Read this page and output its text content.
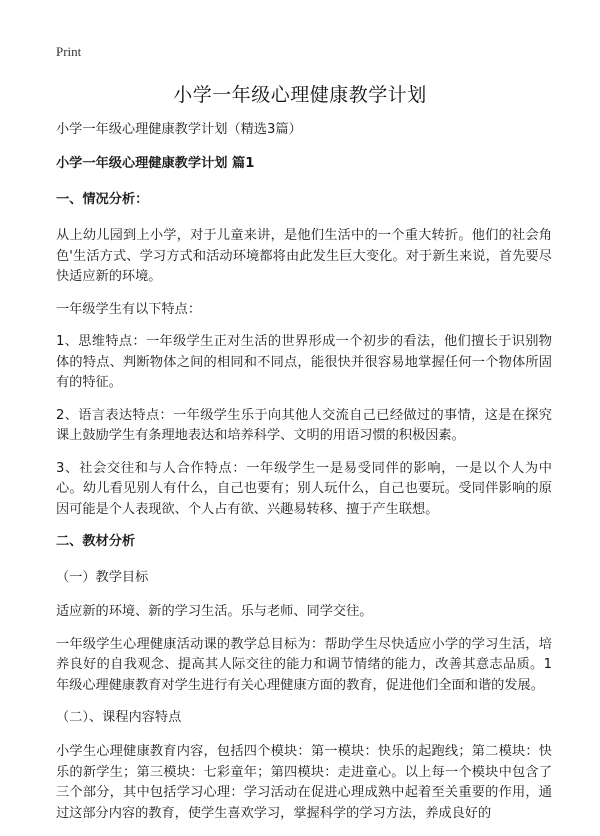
Print
小学一年级心理健康教学计划
小学一年级心理健康教学计划（精选3篇）
小学一年级心理健康教学计划 篇1
一、情况分析：
从上幼儿园到上小学，对于儿童来讲，是他们生活中的一个重大转折。他们的社会角色'生活方式、学习方式和活动环境都将由此发生巨大变化。对于新生来说，首先要尽快适应新的环境。
一年级学生有以下特点：
1、思维特点：一年级学生正对生活的世界形成一个初步的看法，他们擅长于识别物体的特点、判断物体之间的相同和不同点，能很快并很容易地掌握任何一个物体所固有的特征。
2、语言表达特点：一年级学生乐于向其他人交流自己已经做过的事情，这是在探究课上鼓励学生有条理地表达和培养科学、文明的用语习惯的积极因素。
3、社会交往和与人合作特点：一年级学生一是易受同伴的影响，一是以个人为中心。幼儿看见别人有什么，自己也要有；别人玩什么，自己也要玩。受同伴影响的原因可能是个人表现欲、个人占有欲、兴趣易转移、擅于产生联想。
二、教材分析
（一）教学目标
适应新的环境、新的学习生活。乐与老师、同学交往。
一年级学生心理健康活动课的教学总目标为：帮助学生尽快适应小学的学习生活，培养良好的自我观念、提高其人际交往的能力和调节情绪的能力，改善其意志品质。1年级心理健康教育对学生进行有关心理健康方面的教育，促进他们全面和谐的发展。
（二）、课程内容特点
小学生心理健康教育内容，包括四个模块：第一模块：快乐的起跑线；第二模块：快乐的新学生；第三模块：七彩童年；第四模块：走进童心。以上每一个模块中包含了三个部分，其中包括学习心理：学习活动在促进心理成熟中起着至关重要的作用，通过这部分内容的教育，使学生喜欢学习，掌握科学的学习方法，养成良好的
